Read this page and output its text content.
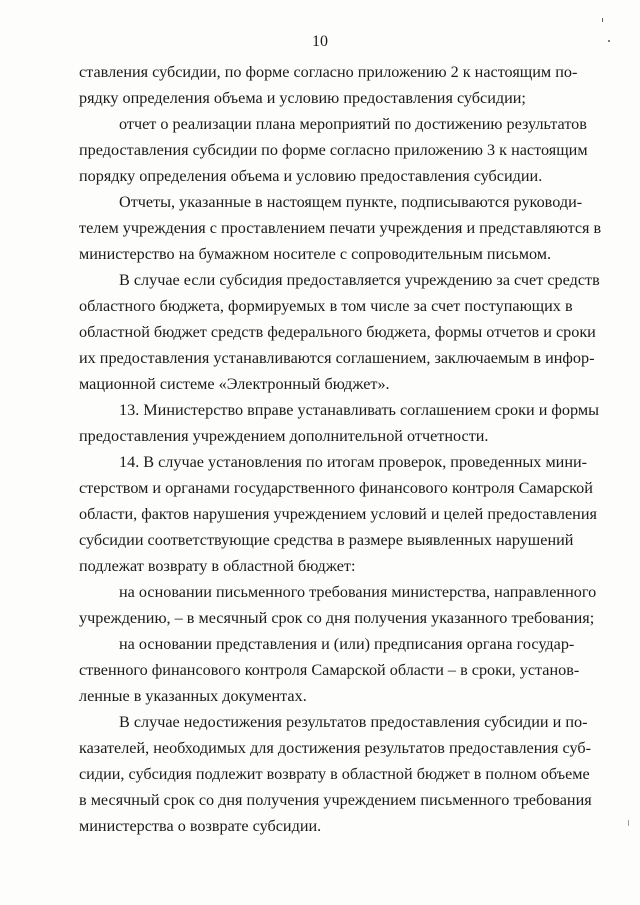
10
ставления субсидии, по форме согласно приложению 2 к настоящим по-
рядку определения объема и условию предоставления субсидии;
отчет о реализации плана мероприятий по достижению результатов
предоставления субсидии по форме согласно приложению 3 к настоящим
порядку определения объема и условию предоставления субсидии.
Отчеты, указанные в настоящем пункте, подписываются руководи-
телем учреждения с проставлением печати учреждения и представляются в
министерство на бумажном носителе с сопроводительным письмом.
В случае если субсидия предоставляется учреждению за счет средств
областного бюджета, формируемых в том числе за счет поступающих в
областной бюджет средств федерального бюджета, формы отчетов и сроки
их предоставления устанавливаются соглашением, заключаемым в инфор-
мационной системе «Электронный бюджет».
13. Министерство вправе устанавливать соглашением сроки и формы
предоставления учреждением дополнительной отчетности.
14. В случае установления по итогам проверок, проведенных мини-
стерством и органами государственного финансового контроля Самарской
области, фактов нарушения учреждением условий и целей предоставления
субсидии соответствующие средства в размере выявленных нарушений
подлежат возврату в областной бюджет:
на основании письменного требования министерства, направленного
учреждению, – в месячный срок со дня получения указанного требования;
на основании представления и (или) предписания органа государ-
ственного финансового контроля Самарской области – в сроки, установ-
ленные в указанных документах.
В случае недостижения результатов предоставления субсидии и по-
казателей, необходимых для достижения результатов предоставления суб-
сидии, субсидия подлежит возврату в областной бюджет в полном объеме
в месячный срок со дня получения учреждением письменного требования
министерства о возврате субсидии.
